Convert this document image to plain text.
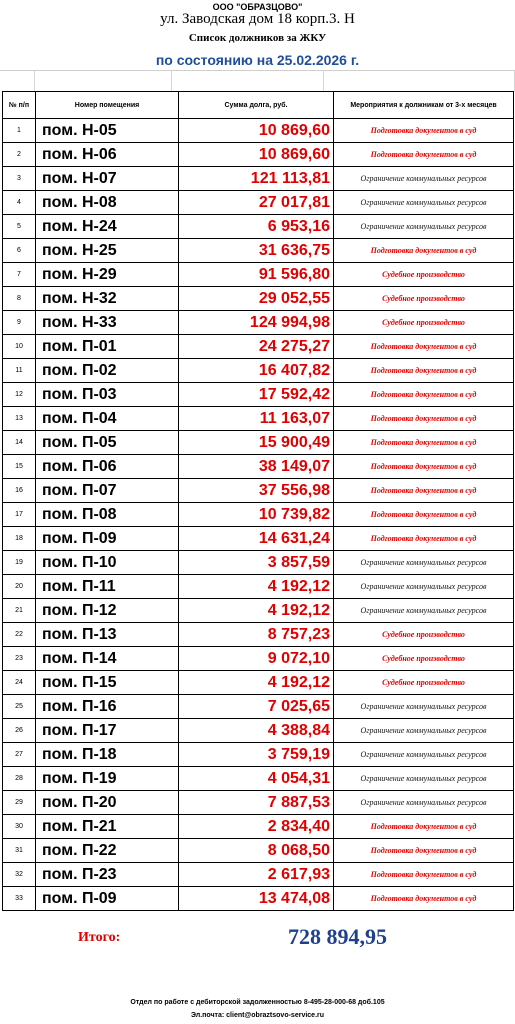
ООО "ОБРАЗЦОВО"
ул. Заводская дом 18 корп.3. Н
Список должников за ЖКУ
по состоянию на 25.02.2026 г.
№ п/п	Номер помещения	Сумма долга, руб.	Мероприятия к должникам от 3-х месяцев
1	пом. Н-05	10 869,60	Подготовка документов в суд
2	пом. Н-06	10 869,60	Подготовка документов в суд
3	пом. Н-07	121 113,81	Ограничение коммунальных ресурсов
4	пом. Н-08	27 017,81	Ограничение коммунальных ресурсов
5	пом. Н-24	6 953,16	Ограничение коммунальных ресурсов
6	пом. Н-25	31 636,75	Подготовка документов в суд
7	пом. Н-29	91 596,80	Судебное производство
8	пом. Н-32	29 052,55	Судебное производство
9	пом. Н-33	124 994,98	Судебное производство
10	пом. П-01	24 275,27	Подготовка документов в суд
11	пом. П-02	16 407,82	Подготовка документов в суд
12	пом. П-03	17 592,42	Подготовка документов в суд
13	пом. П-04	11 163,07	Подготовка документов в суд
14	пом. П-05	15 900,49	Подготовка документов в суд
15	пом. П-06	38 149,07	Подготовка документов в суд
16	пом. П-07	37 556,98	Подготовка документов в суд
17	пом. П-08	10 739,82	Подготовка документов в суд
18	пом. П-09	14 631,24	Подготовка документов в суд
19	пом. П-10	3 857,59	Ограничение коммунальных ресурсов
20	пом. П-11	4 192,12	Ограничение коммунальных ресурсов
21	пом. П-12	4 192,12	Ограничение коммунальных ресурсов
22	пом. П-13	8 757,23	Судебное производство
23	пом. П-14	9 072,10	Судебное производство
24	пом. П-15	4 192,12	Судебное производство
25	пом. П-16	7 025,65	Ограничение коммунальных ресурсов
26	пом. П-17	4 388,84	Ограничение коммунальных ресурсов
27	пом. П-18	3 759,19	Ограничение коммунальных ресурсов
28	пом. П-19	4 054,31	Ограничение коммунальных ресурсов
29	пом. П-20	7 887,53	Ограничение коммунальных ресурсов
30	пом. П-21	2 834,40	Подготовка документов в суд
31	пом. П-22	8 068,50	Подготовка документов в суд
32	пом. П-23	2 617,93	Подготовка документов в суд
33	пом. П-09	13 474,08	Подготовка документов в суд
Итого:	728 894,95
Отдел по работе с дебиторской задолженностью 8-495-28-000-68 доб.105
Эл.почта: client@obraztsovo-service.ru
